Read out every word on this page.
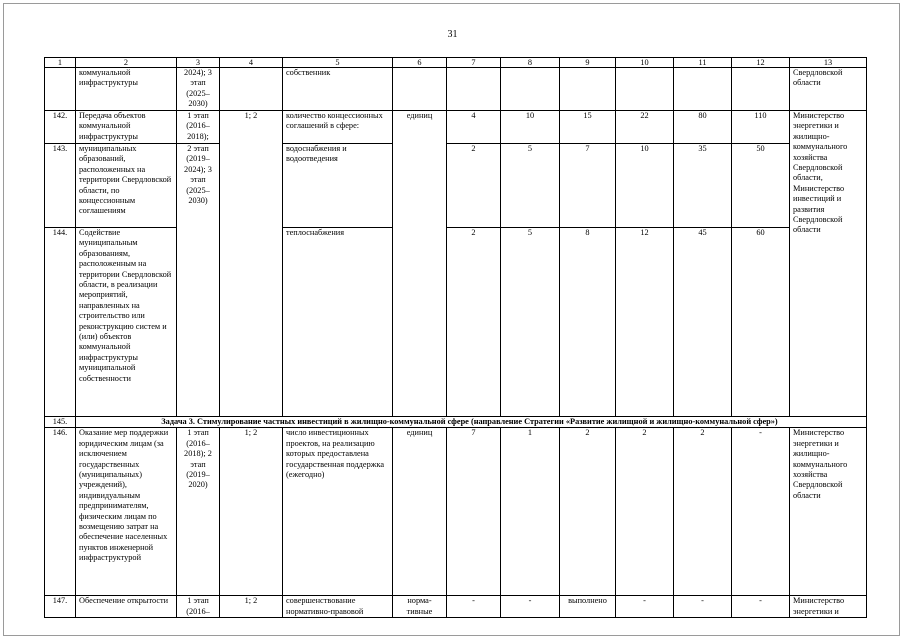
31
1	2	3	4	5	6	7	8	9	10	11	12	13
	коммунальной инфраструктуры	2024); 3 этап (2025–2030)		собственник								Свердловской области
142.	Передача объектов коммунальной инфраструктуры	1 этап (2016–2018);	1; 2	количество концессионных соглашений в сфере:	единиц	4	10	15	22	80	110	Министерство энергетики и жилищно-коммунального хозяйства Свердловской области, Министерство инвестиций и развития Свердловской области
143.	муниципальных образований, расположенных на территории Свердловской области, по концессионным соглашениям	2 этап (2019–2024); 3 этап (2025–2030)		водоснабжения и водоотведения		2	5	7	10	35	50	
144.	Содействие муниципальным образованиям, расположенным на территории Свердловской области, в реализации мероприятий, направленных на строительство или реконструкцию систем и (или) объектов коммунальной инфраструктуры муниципальной собственности			теплоснабжения		2	5	8	12	45	60	
145.	Задача 3. Стимулирование частных инвестиций в жилищно-коммунальной сфере (направление Стратегии «Развитие жилищной и жилищно-коммунальной сфер»)											
146.	Оказание мер поддержки юридическим лицам (за исключением государственных (муниципальных) учреждений), индивидуальным предпринимателям, физическим лицам по возмещению затрат на обеспечение населенных пунктов инженерной инфраструктурой	1 этап (2016–2018); 2 этап (2019–2020)	1; 2	число инвестиционных проектов, на реализацию которых предоставлена государственная поддержка (ежегодно)	единиц	7	1	2	2	2	-	Министерство энергетики и жилищно-коммунального хозяйства Свердловской области
147.	Обеспечение открытости	1 этап (2016–	1; 2	совершенствование нормативно-правовой	норма-тивные	-	-	выполнено	-	-	-	Министерство энергетики и
